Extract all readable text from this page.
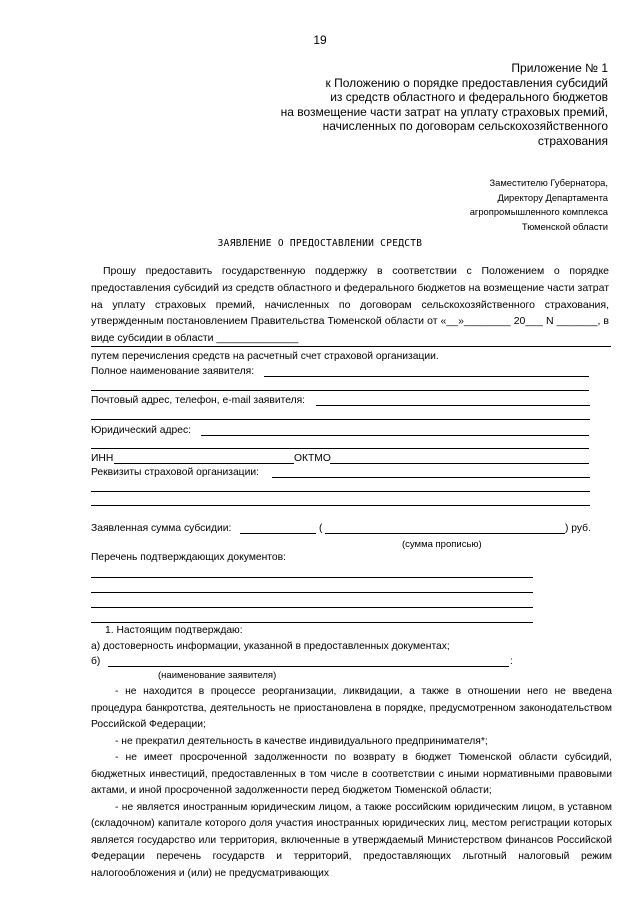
19
Приложение № 1
к Положению о порядке предоставления субсидий
из средств областного и федерального бюджетов
на возмещение части затрат на уплату страховых премий,
начисленных по договорам сельскохозяйственного
страхования
Заместителю Губернатора,
Директору Департамента
агропромышленного комплекса
Тюменской области
ЗАЯВЛЕНИЕ О ПРЕДОСТАВЛЕНИИ СРЕДСТВ

Прошу предоставить государственную поддержку в соответствии с Положением о порядке предоставления субсидий из средств областного и федерального бюджетов на возмещение части затрат на уплату страховых премий, начисленных по договорам сельскохозяйственного страхования, утвержденным постановлением Правительства Тюменской области от «__»________ 20___ N _______, в виде субсидии в области ______________

путем перечисления средств на расчетный счет страховой организации.
Полное наименование заявителя:
Почтовый адрес, телефон, e-mail заявителя:
Юридический адрес:
ИНН	ОКТМО
Реквизиты страховой организации:
Заявленная сумма субсидии:	(	) руб.
(сумма прописью)
Перечень подтверждающих документов:
1. Настоящим подтверждаю:
а) достоверность информации, указанной в предоставленных документах;
б)	:
(наименование заявителя)

- не находится в процессе реорганизации, ликвидации, а также в отношении него не введена процедура банкротства, деятельность не приостановлена в порядке, предусмотренном законодательством Российской Федерации;

- не прекратил деятельность в качестве индивидуального предпринимателя*;

- не имеет просроченной задолженности по возврату в бюджет Тюменской области субсидий, бюджетных инвестиций, предоставленных в том числе в соответствии с иными нормативными правовыми актами, и иной просроченной задолженности перед бюджетом Тюменской области;

- не является иностранным юридическим лицом, а также российским юридическим лицом, в уставном (складочном) капитале которого доля участия иностранных юридических лиц, местом регистрации которых является государство или территория, включенные в утверждаемый Министерством финансов Российской Федерации перечень государств и территорий, предоставляющих льготный налоговый режим налогообложения и (или) не предусматривающих
